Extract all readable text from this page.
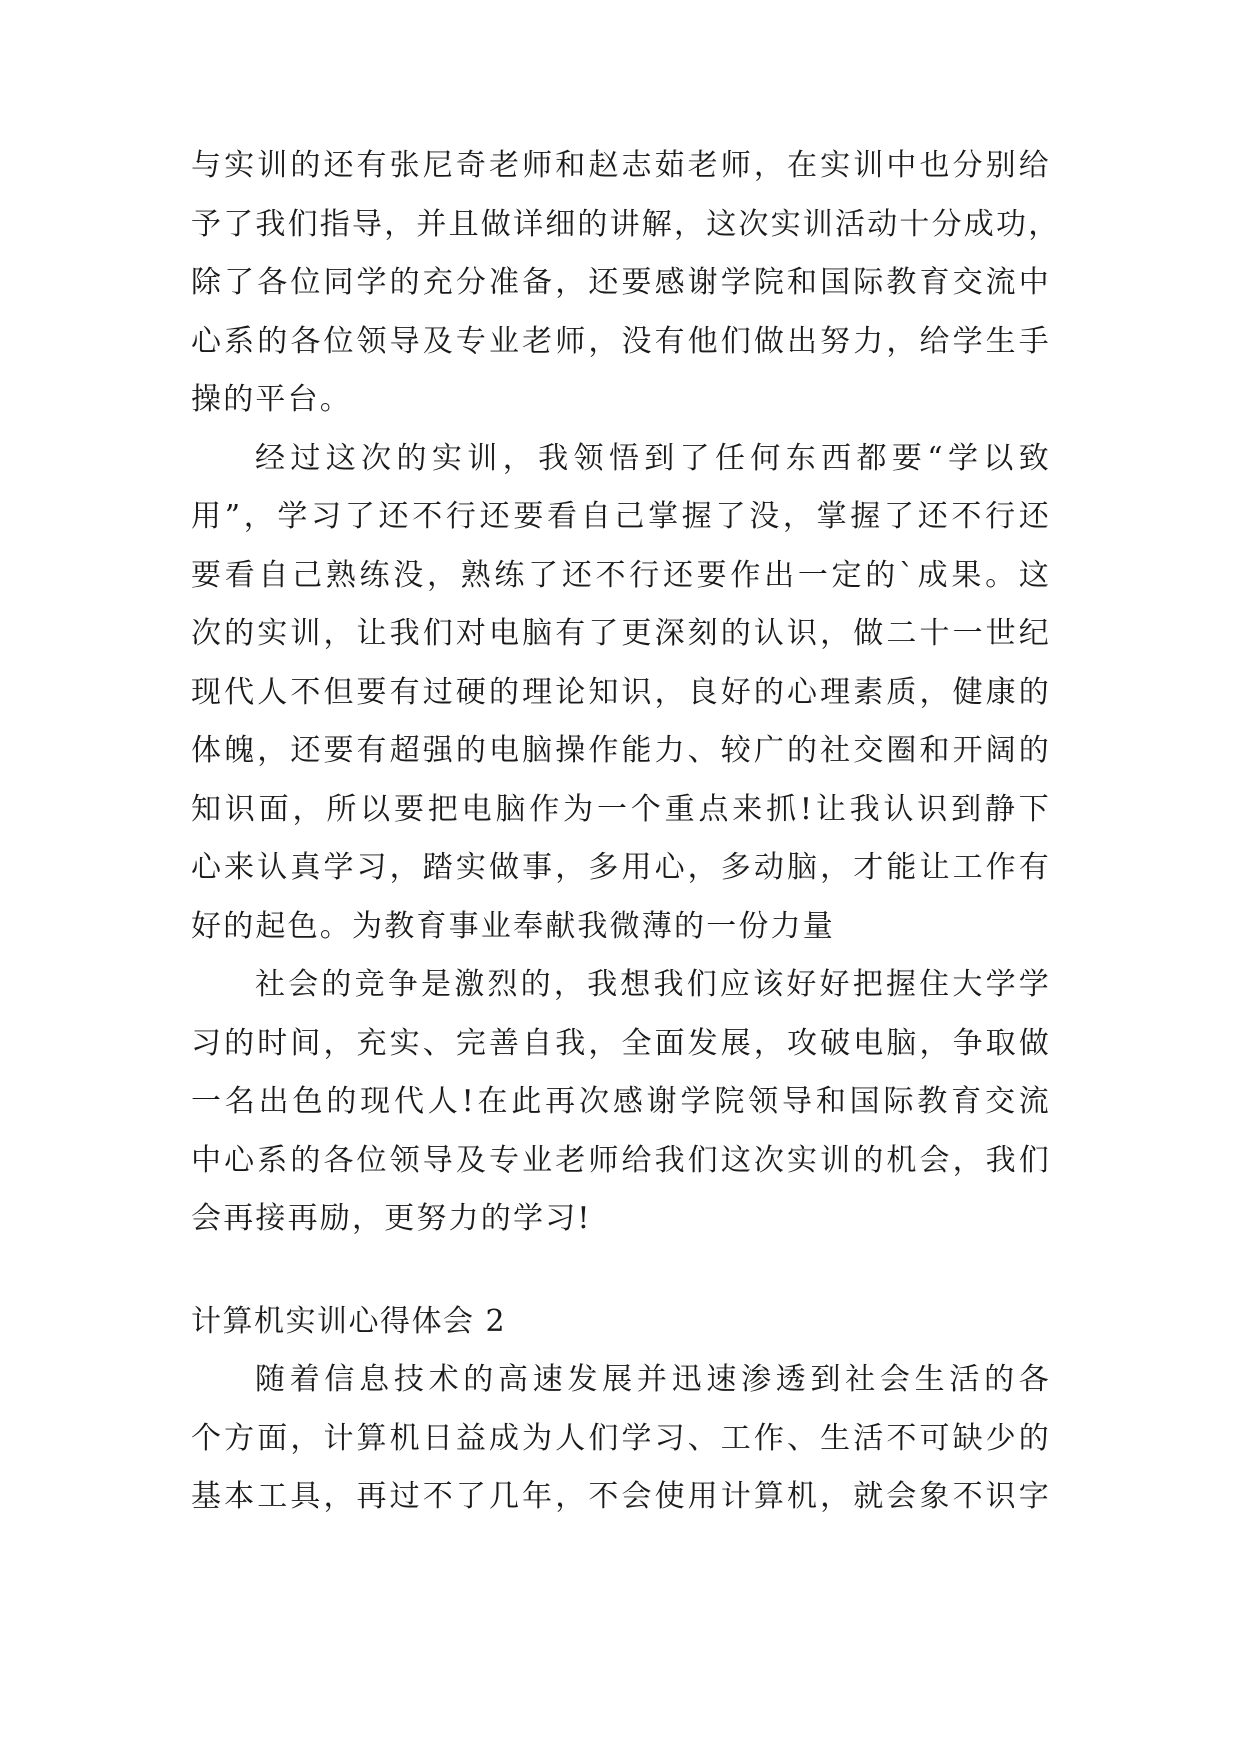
与实训的还有张尼奇老师和赵志茹老师，在实训中也分别给
予了我们指导，并且做详细的讲解，这次实训活动十分成功，
除了各位同学的充分准备，还要感谢学院和国际教育交流中
心系的各位领导及专业老师，没有他们做出努力，给学生手
操的平台。
经过这次的实训，我领悟到了任何东西都要“学以致
用”，学习了还不行还要看自己掌握了没，掌握了还不行还
要看自己熟练没，熟练了还不行还要作出一定的`成果。这
次的实训，让我们对电脑有了更深刻的认识，做二十一世纪
现代人不但要有过硬的理论知识，良好的心理素质，健康的
体魄，还要有超强的电脑操作能力、较广的社交圈和开阔的
知识面，所以要把电脑作为一个重点来抓!让我认识到静下
心来认真学习，踏实做事，多用心，多动脑，才能让工作有
好的起色。为教育事业奉献我微薄的一份力量
社会的竞争是激烈的，我想我们应该好好把握住大学学
习的时间，充实、完善自我，全面发展，攻破电脑，争取做
一名出色的现代人!在此再次感谢学院领导和国际教育交流
中心系的各位领导及专业老师给我们这次实训的机会，我们
会再接再励，更努力的学习!
计算机实训心得体会 2
随着信息技术的高速发展并迅速渗透到社会生活的各
个方面，计算机日益成为人们学习、工作、生活不可缺少的
基本工具，再过不了几年，不会使用计算机，就会象不识字
